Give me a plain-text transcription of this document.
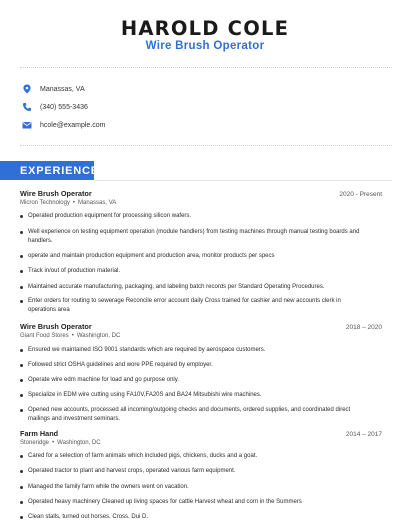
HAROLD COLE
Wire Brush Operator
Manassas, VA
(340) 555-3436
hcole@example.com
EXPERIENCE
Wire Brush Operator	2020 - Present
Micron Technology • Manassas, VA
Operated production equipment for processing silicon wafers.
Well experience on testing equipment operation (module handlers) from testing machines through manual testing boards and handlers.
operate and maintain production equipment and production area, monitor products per specs
Track in/out of production material.
Maintained accurate manufacturing, packaging, and labeling batch records per Standard Operating Procedures.
Enter orders for routing to sewerage Reconcile error account daily Cross trained for cashier and new accounts clerk in operations area
Wire Brush Operator	2018 – 2020
Giant Food Stores • Washington, DC
Ensured we maintained ISO 9001 standards which are required by aerospace customers.
Followed strict OSHA guidelines and wore PPE required by employer.
Operate wire edm machine for load and go purpose only.
Specialize in EDM wire cutting using FA10V,FA20S and BA24 Mitsubishi wire machines.
Opened new accounts, processed all incoming/outgoing checks and documents, ordered supplies, and coordinated direct mailings and investment seminars.
Farm Hand	2014 – 2017
Stoneridge • Washington, DC
Cared for a selection of farm animals which included pigs, chickens, ducks and a goat.
Operated tractor to plant and harvest crops, operated various farm equipment.
Managed the family farm while the owners went on vacation.
Operated heavy machinery Cleaned up living spaces for cattle Harvest wheat and corn in the Summers
Clean stalls, turned out horses. Cross. Dui D.
